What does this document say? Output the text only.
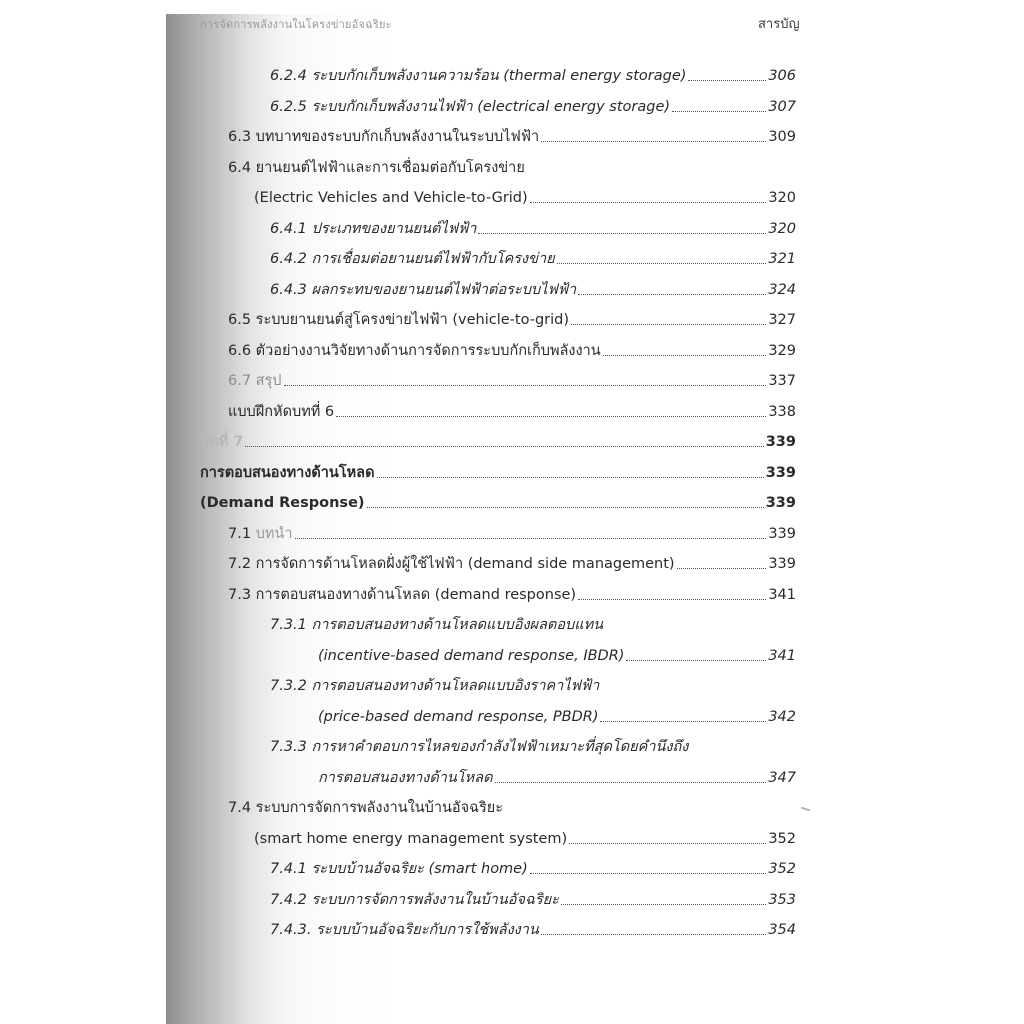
การจัดการพลังงานในโครงข่ายอัจฉริยะ	สารบัญ
6.2.4 ระบบกักเก็บพลังงานความร้อน (thermal energy storage)	306
6.2.5 ระบบกักเก็บพลังงานไฟฟ้า (electrical energy storage)	307
6.3 บทบาทของระบบกักเก็บพลังงานในระบบไฟฟ้า	309
6.4 ยานยนต์ไฟฟ้าและการเชื่อมต่อกับโครงข่าย
(Electric Vehicles and Vehicle-to-Grid)	320
6.4.1 ประเภทของยานยนต์ไฟฟ้า	320
6.4.2 การเชื่อมต่อยานยนต์ไฟฟ้ากับโครงข่าย	321
6.4.3 ผลกระทบของยานยนต์ไฟฟ้าต่อระบบไฟฟ้า	324
6.5 ระบบยานยนต์สู่โครงข่ายไฟฟ้า (vehicle-to-grid)	327
6.6 ตัวอย่างงานวิจัยทางด้านการจัดการระบบกักเก็บพลังงาน	329
6.7 สรุป	337
แบบฝึกหัดบทที่ 6	338
บทที่ 7	339
การตอบสนองทางด้านโหลด	339
(Demand Response)	339
7.1 บทนำ	339
7.2 การจัดการด้านโหลดฝั่งผู้ใช้ไฟฟ้า (demand side management)	339
7.3 การตอบสนองทางด้านโหลด (demand response)	341
7.3.1 การตอบสนองทางด้านโหลดแบบอิงผลตอบแทน
(incentive-based demand response, IBDR)	341
7.3.2 การตอบสนองทางด้านโหลดแบบอิงราคาไฟฟ้า
(price-based demand response, PBDR)	342
7.3.3 การหาคำตอบการไหลของกำลังไฟฟ้าเหมาะที่สุดโดยคำนึงถึง
การตอบสนองทางด้านโหลด	347
7.4 ระบบการจัดการพลังงานในบ้านอัจฉริยะ
(smart home energy management system)	352
7.4.1 ระบบบ้านอัจฉริยะ (smart home)	352
7.4.2 ระบบการจัดการพลังงานในบ้านอัจฉริยะ	353
7.4.3. ระบบบ้านอัจฉริยะกับการใช้พลังงาน	354
